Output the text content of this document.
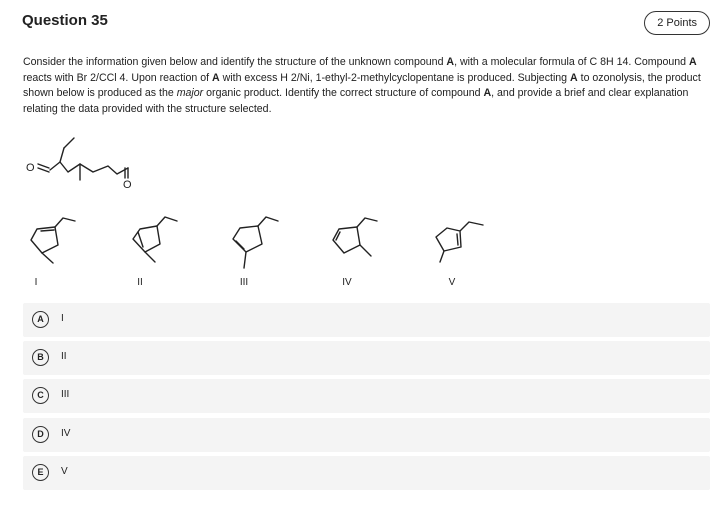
Question 35	2 Points
Consider the information given below and identify the structure of the unknown compound A, with a molecular formula of C 8H 14. Compound A reacts with Br 2/CCl 4. Upon reaction of A with excess H 2/Ni, 1-ethyl-2-methylcyclopentane is produced. Subjecting A to ozonolysis, the product shown below is produced as the major organic product. Identify the correct structure of compound A, and provide a brief and clear explanation relating the data provided with the structure selected.
O
O
I	II	III	IV	V
A	I
B	II
C	III
D	IV
E	V
